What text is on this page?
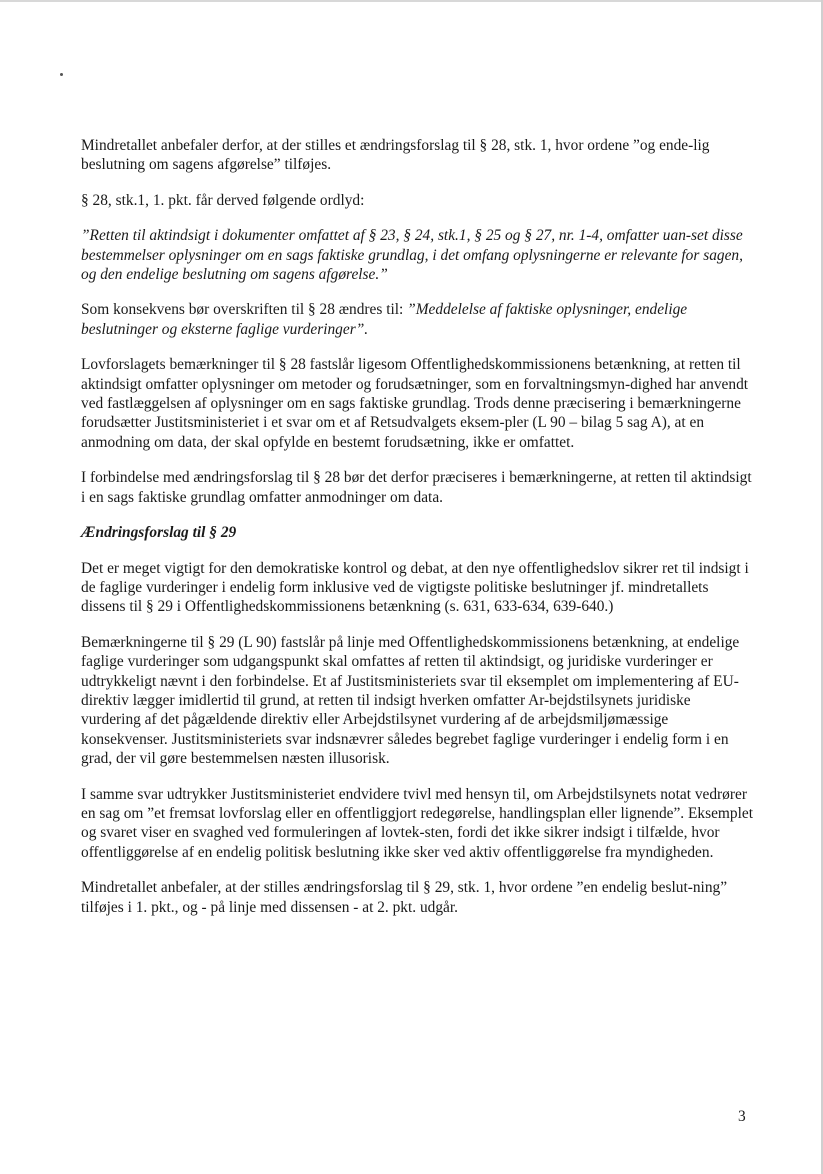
Mindretallet anbefaler derfor, at der stilles et ændringsforslag til § 28, stk. 1, hvor ordene ”og ende-lig beslutning om sagens afgørelse” tilføjes.

§ 28, stk.1, 1. pkt. får derved følgende ordlyd:

”Retten til aktindsigt i dokumenter omfattet af § 23, § 24, stk.1, § 25 og § 27, nr. 1-4, omfatter uan-set disse bestemmelser oplysninger om en sags faktiske grundlag, i det omfang oplysningerne er relevante for sagen, og den endelige beslutning om sagens afgørelse.”

Som konsekvens bør overskriften til § 28 ændres til: ”Meddelelse af faktiske oplysninger, endelige beslutninger og eksterne faglige vurderinger”.

Lovforslagets bemærkninger til § 28 fastslår ligesom Offentlighedskommissionens betænkning, at retten til aktindsigt omfatter oplysninger om metoder og forudsætninger, som en forvaltningsmyn-dighed har anvendt ved fastlæggelsen af oplysninger om en sags faktiske grundlag. Trods denne præcisering i bemærkningerne forudsætter Justitsministeriet i et svar om et af Retsudvalgets eksem-pler (L 90 – bilag 5 sag A), at en anmodning om data, der skal opfylde en bestemt forudsætning, ikke er omfattet.

I forbindelse med ændringsforslag til § 28 bør det derfor præciseres i bemærkningerne, at retten til aktindsigt i en sags faktiske grundlag omfatter anmodninger om data.

Ændringsforslag til § 29

Det er meget vigtigt for den demokratiske kontrol og debat, at den nye offentlighedslov sikrer ret til indsigt i de faglige vurderinger i endelig form inklusive ved de vigtigste politiske beslutninger jf. mindretallets dissens til § 29 i Offentlighedskommissionens betænkning (s. 631, 633-634, 639-640.)

Bemærkningerne til § 29 (L 90) fastslår på linje med Offentlighedskommissionens betænkning, at endelige faglige vurderinger som udgangspunkt skal omfattes af retten til aktindsigt, og juridiske vurderinger er udtrykkeligt nævnt i den forbindelse. Et af Justitsministeriets svar til eksemplet om implementering af EU-direktiv lægger imidlertid til grund, at retten til indsigt hverken omfatter Ar-bejdstilsynets juridiske vurdering af det pågældende direktiv eller Arbejdstilsynet vurdering af de arbejdsmiljømæssige konsekvenser. Justitsministeriets svar indsnævrer således begrebet faglige vurderinger i endelig form i en grad, der vil gøre bestemmelsen næsten illusorisk.

I samme svar udtrykker Justitsministeriet endvidere tvivl med hensyn til, om Arbejdstilsynets notat vedrører en sag om ”et fremsat lovforslag eller en offentliggjort redegørelse, handlingsplan eller lignende”. Eksemplet og svaret viser en svaghed ved formuleringen af lovtek-sten, fordi det ikke sikrer indsigt i tilfælde, hvor offentliggørelse af en endelig politisk beslutning ikke sker ved aktiv offentliggørelse fra myndigheden.

Mindretallet anbefaler, at der stilles ændringsforslag til § 29, stk. 1, hvor ordene ”en endelig beslut-ning” tilføjes i 1. pkt., og - på linje med dissensen - at 2. pkt. udgår.

3
